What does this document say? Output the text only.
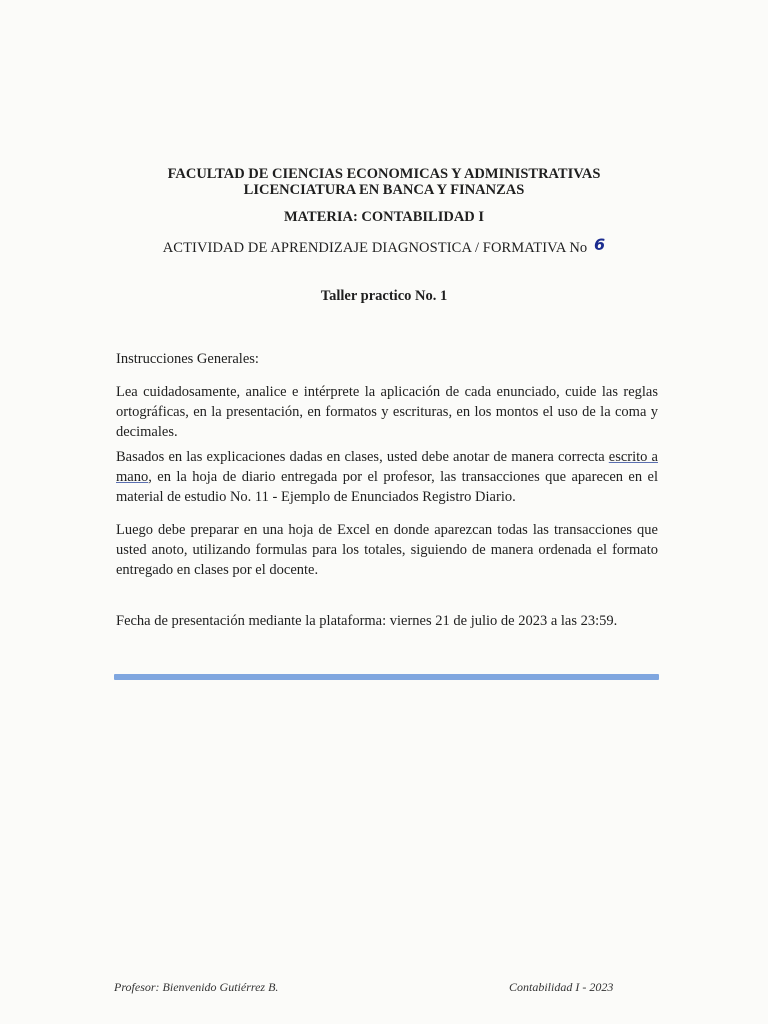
FACULTAD DE CIENCIAS ECONOMICAS Y ADMINISTRATIVAS
LICENCIATURA EN BANCA Y FINANZAS
MATERIA: CONTABILIDAD I
ACTIVIDAD DE APRENDIZAJE DIAGNOSTICA / FORMATIVA No 6
Taller practico No. 1
Instrucciones Generales:
Lea cuidadosamente, analice e intérprete la aplicación de cada enunciado, cuide las reglas ortográficas, en la presentación, en formatos y escrituras, en los montos el uso de la coma y decimales.
Basados en las explicaciones dadas en clases, usted debe anotar de manera correcta escrito a mano, en la hoja de diario entregada por el profesor, las transacciones que aparecen en el material de estudio No. 11 - Ejemplo de Enunciados Registro Diario.
Luego debe preparar en una hoja de Excel en donde aparezcan todas las transacciones que usted anoto, utilizando formulas para los totales, siguiendo de manera ordenada el formato entregado en clases por el docente.
Fecha de presentación mediante la plataforma: viernes 21 de julio de 2023 a las 23:59.
Profesor: Bienvenido Gutiérrez B.	Contabilidad I - 2023
